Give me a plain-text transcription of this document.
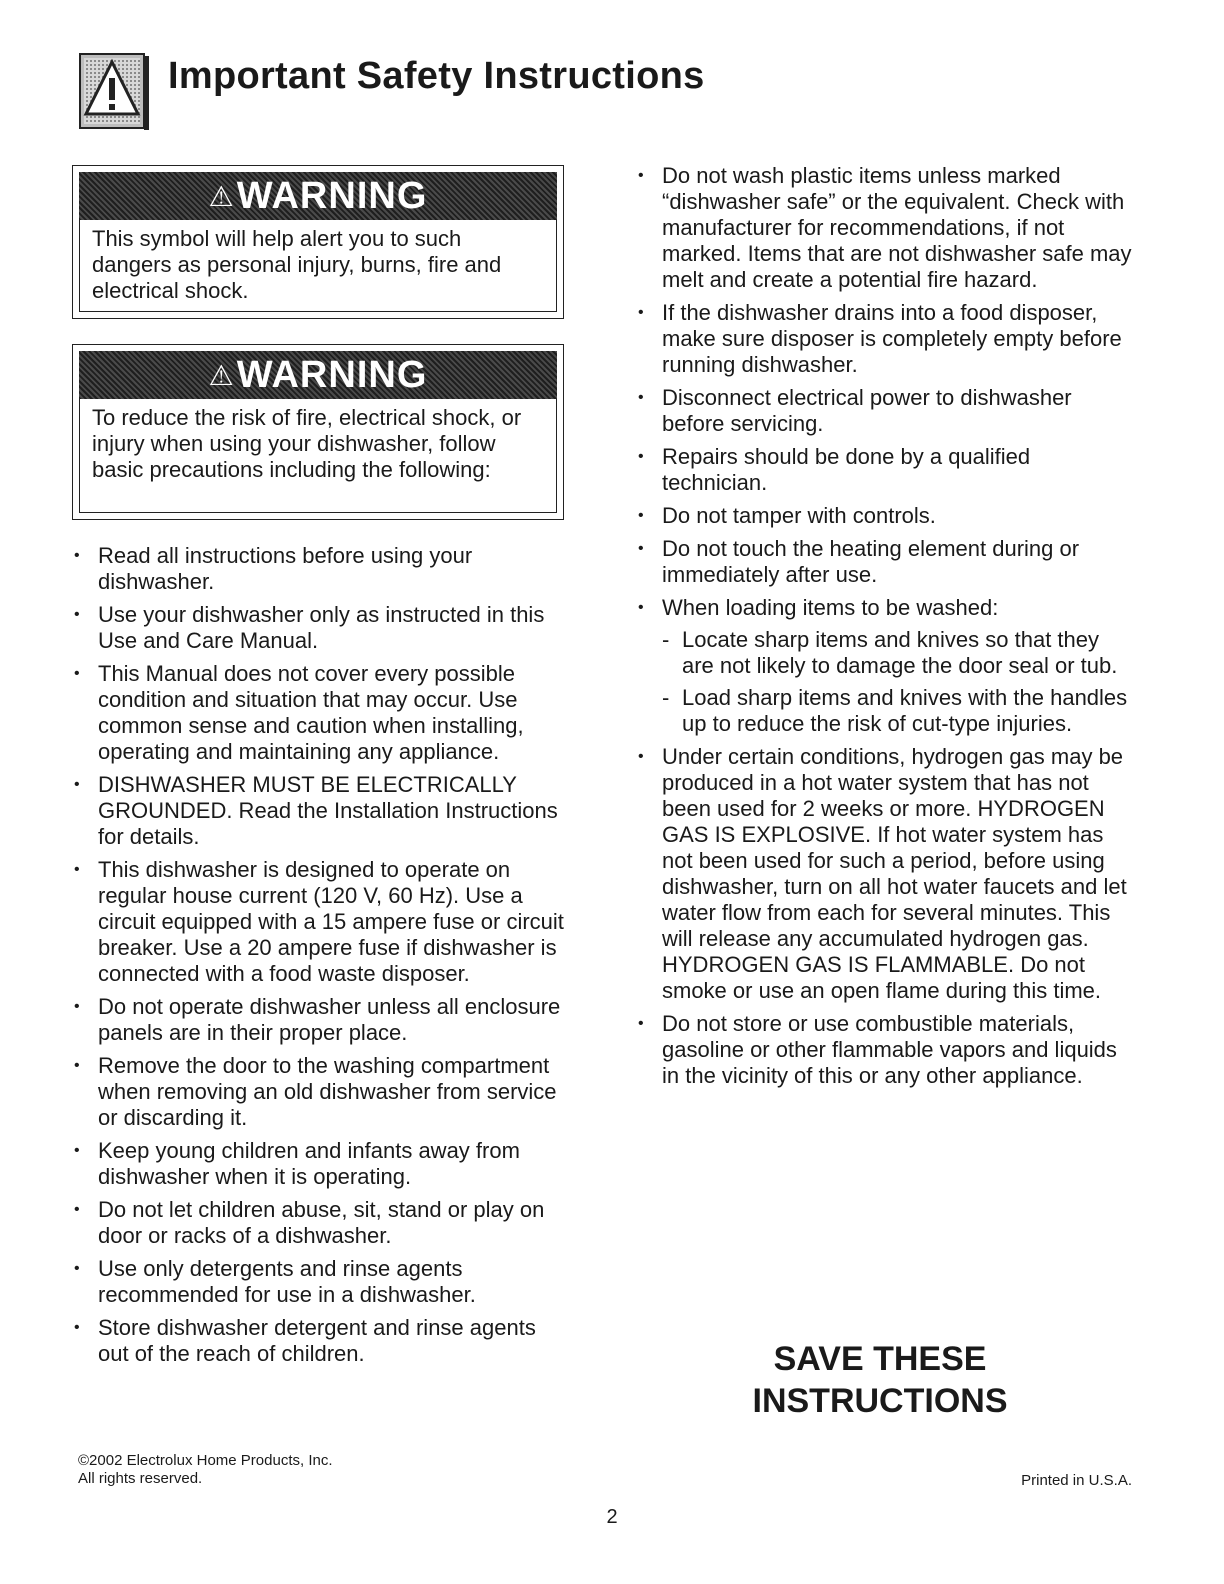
Important Safety Instructions
⚠ WARNING
This symbol will help alert you to such dangers as personal injury, burns, fire and electrical shock.
⚠ WARNING
To reduce the risk of fire, electrical shock, or injury when using your dishwasher, follow basic precautions including the following:
• Read all instructions before using your dishwasher.
• Use your dishwasher only as instructed in this Use and Care Manual.
• This Manual does not cover every possible condition and situation that may occur. Use common sense and caution when installing, operating and maintaining any appliance.
• DISHWASHER MUST BE ELECTRICALLY GROUNDED. Read the Installation Instructions for details.
• This dishwasher is designed to operate on regular house current (120 V, 60 Hz). Use a circuit equipped with a 15 ampere fuse or circuit breaker. Use a 20 ampere fuse if dishwasher is connected with a food waste disposer.
• Do not operate dishwasher unless all enclosure panels are in their proper place.
• Remove the door to the washing compartment when removing an old dishwasher from service or discarding it.
• Keep young children and infants away from dishwasher when it is operating.
• Do not let children abuse, sit, stand or play on door or racks of a dishwasher.
• Use only detergents and rinse agents recommended for use in a dishwasher.
• Store dishwasher detergent and rinse agents out of the reach of children.
• Do not wash plastic items unless marked “dishwasher safe” or the equivalent. Check with manufacturer for recommendations, if not marked. Items that are not dishwasher safe may melt and create a potential fire hazard.
• If the dishwasher drains into a food disposer, make sure disposer is completely empty before running dishwasher.
• Disconnect electrical power to dishwasher before servicing.
• Repairs should be done by a qualified technician.
• Do not tamper with controls.
• Do not touch the heating element during or immediately after use.
• When loading items to be washed:
- Locate sharp items and knives so that they are not likely to damage the door seal or tub.
- Load sharp items and knives with the handles up to reduce the risk of cut-type injuries.
• Under certain conditions, hydrogen gas may be produced in a hot water system that has not been used for 2 weeks or more. HYDROGEN GAS IS EXPLOSIVE. If hot water system has not been used for such a period, before using dishwasher, turn on all hot water faucets and let water flow from each for several minutes. This will release any accumulated hydrogen gas. HYDROGEN GAS IS FLAMMABLE. Do not smoke or use an open flame during this time.
• Do not store or use combustible materials, gasoline or other flammable vapors and liquids in the vicinity of this or any other appliance.
SAVE THESE
INSTRUCTIONS
©2002 Electrolux Home Products, Inc.
All rights reserved.	Printed in U.S.A.
2
